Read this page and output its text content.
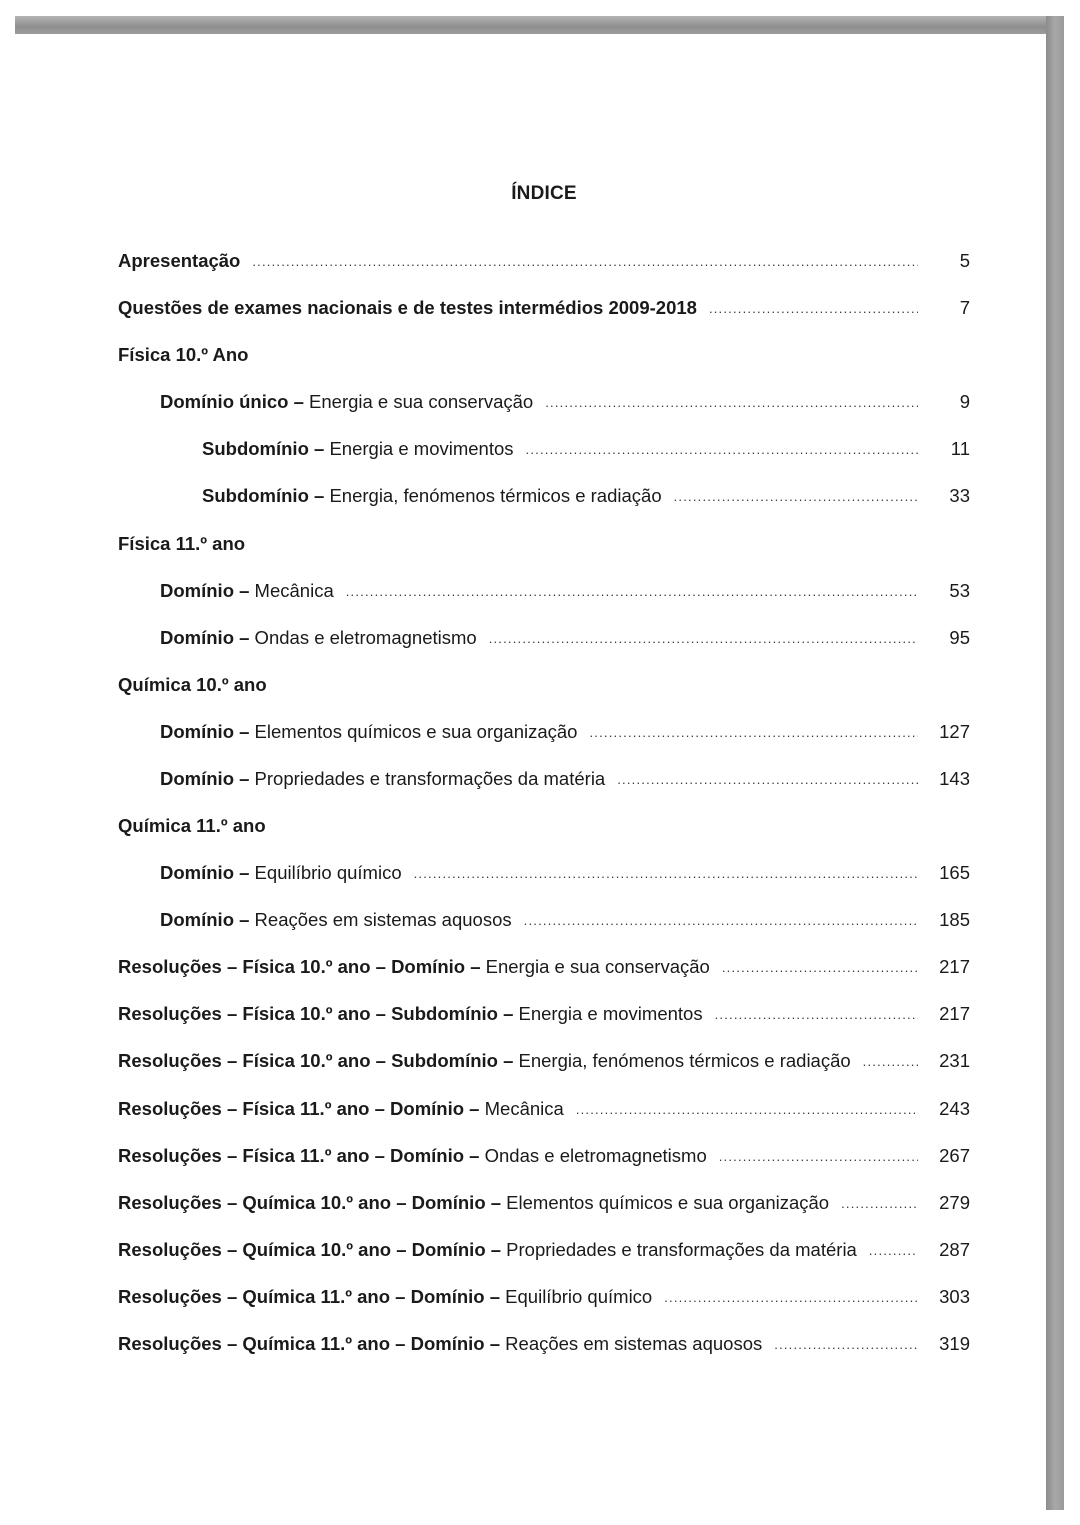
ÍNDICE
Apresentação .....	5
Questões de exames nacionais e de testes intermédios 2009-2018 .....	7
Física 10.º Ano
Domínio único – Energia e sua conservação .....	9
Subdomínio – Energia e movimentos .....	11
Subdomínio – Energia, fenómenos térmicos e radiação .....	33
Física 11.º ano
Domínio – Mecânica .....	53
Domínio – Ondas e eletromagnetismo .....	95
Química 10.º ano
Domínio – Elementos químicos e sua organização .....	127
Domínio – Propriedades e transformações da matéria .....	143
Química 11.º ano
Domínio – Equilíbrio químico .....	165
Domínio – Reações em sistemas aquosos .....	185
Resoluções – Física 10.º ano – Domínio – Energia e sua conservação .....	217
Resoluções – Física 10.º ano – Subdomínio – Energia e movimentos .....	217
Resoluções – Física 10.º ano – Subdomínio – Energia, fenómenos térmicos e radiação .....	231
Resoluções – Física 11.º ano – Domínio – Mecânica .....	243
Resoluções – Física 11.º ano – Domínio – Ondas e eletromagnetismo .....	267
Resoluções – Química 10.º ano – Domínio – Elementos químicos e sua organização .....	279
Resoluções – Química 10.º ano – Domínio – Propriedades e transformações da matéria .....	287
Resoluções – Química 11.º ano – Domínio – Equilíbrio químico .....	303
Resoluções – Química 11.º ano – Domínio – Reações em sistemas aquosos .....	319
